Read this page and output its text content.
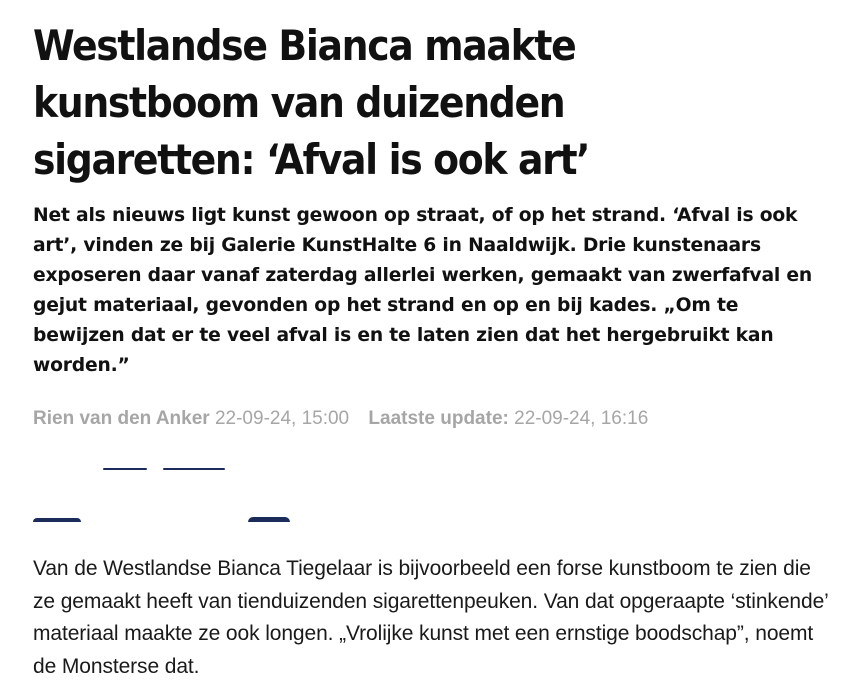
Westlandse Bianca maakte kunstboom van duizenden sigaretten: ‘Afval is ook art’

Net als nieuws ligt kunst gewoon op straat, of op het strand. ‘Afval is ook art’, vinden ze bij Galerie KunstHalte 6 in Naaldwijk. Drie kunstenaars exposeren daar vanaf zaterdag allerlei werken, gemaakt van zwerfafval en gejut materiaal, gevonden op het strand en op en bij kades. „Om te bewijzen dat er te veel afval is en te laten zien dat het hergebruikt kan worden.”

Rien van den Anker 22-09-24, 15:00 Laatste update: 22-09-24, 16:16

Van de Westlandse Bianca Tiegelaar is bijvoorbeeld een forse kunstboom te zien die ze gemaakt heeft van tienduizenden sigarettenpeuken. Van dat opgeraapte ‘stinkende’ materiaal maakte ze ook longen. „Vrolijke kunst met een ernstige boodschap”, noemt de Monsterse dat.
